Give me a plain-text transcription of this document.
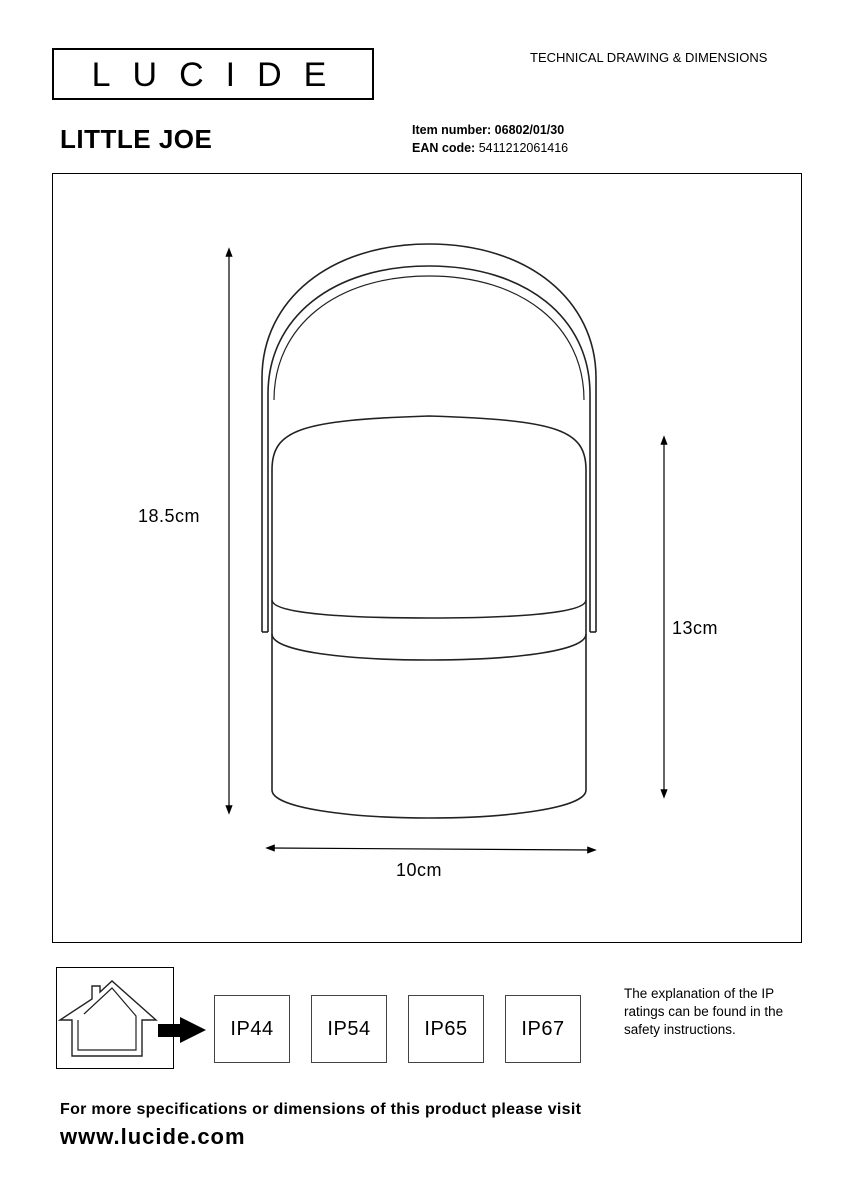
LUCIDE	TECHNICAL DRAWING & DIMENSIONS
LITTLE JOE	Item number: 06802/01/30
EAN code: 5411212061416
18.5cm
13cm
10cm
IP44	IP54	IP65	IP67
The explanation of the IP ratings can be found in the safety instructions.
For more specifications or dimensions of this product please visit
www.lucide.com
